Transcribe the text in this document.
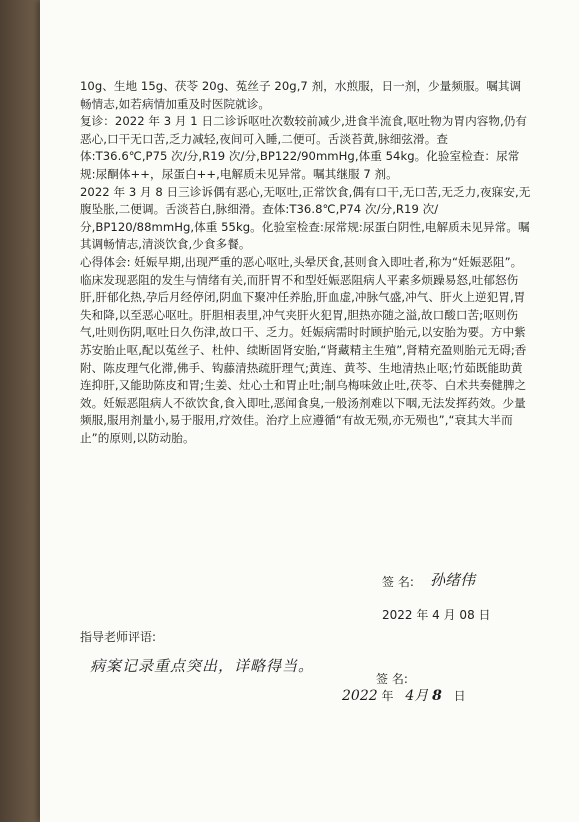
10g、生地 15g、茯苓 20g、菟丝子 20g,7 剂，水煎服，日一剂，少量频服。嘱其调畅情志,如若病情加重及时医院就诊。

复诊：2022 年 3 月 1 日二诊诉呕吐次数较前减少,进食半流食,呕吐物为胃内容物,仍有恶心,口干无口苦,乏力减轻,夜间可入睡,二便可。舌淡苔黄,脉细弦滑。查体:T36.6℃,P75 次/分,R19 次/分,BP122/90mmHg,体重 54kg。化验室检查：尿常规:尿酮体++，尿蛋白++,电解质未见异常。嘱其继服 7 剂。

2022 年 3 月 8 日三诊诉偶有恶心,无呕吐,正常饮食,偶有口干,无口苦,无乏力,夜寐安,无腹坠胀,二便调。舌淡苔白,脉细滑。查体:T36.8℃,P74 次/分,R19 次/分,BP120/88mmHg,体重 55kg。化验室检查:尿常规:尿蛋白阴性,电解质未见异常。嘱其调畅情志,清淡饮食,少食多餐。

心得体会: 妊娠早期,出现严重的恶心呕吐,头晕厌食,甚则食入即吐者,称为“妊娠恶阻”。临床发现恶阻的发生与情绪有关,而肝胃不和型妊娠恶阻病人平素多烦躁易怒,吐郁怒伤肝,肝郁化热,孕后月经停闭,阴血下聚冲任养胎,肝血虚,冲脉气盛,冲气、肝火上逆犯胃,胃失和降,以至恶心呕吐。肝胆相表里,冲气夹肝火犯胃,胆热亦随之溢,故口酸口苦;呕则伤气,吐则伤阴,呕吐日久伤津,故口干、乏力。妊娠病需时时顾护胎元,以安胎为要。方中紫苏安胎止呕,配以菟丝子、杜仲、续断固肾安胎,“肾藏精主生殖”,肾精充盈则胎元无碍;香附、陈皮理气化滞,佛手、钩藤清热疏肝理气;黄连、黄芩、生地清热止呕;竹茹既能助黄连抑肝,又能助陈皮和胃;生姜、灶心土和胃止吐;制乌梅味敛止吐,茯苓、白术共奏健脾之效。妊娠恶阻病人不欲饮食,食入即吐,恶闻食臭,一般汤剂难以下咽,无法发挥药效。少量频服,服用剂量小,易于服用,疗效佳。治疗上应遵循“有故无殒,亦无殒也”,“衰其大半而止”的原则,以防动胎。

签 名: 孙绪伟
2022 年 4 月 08 日
指导老师评语:
病案记录重点突出，详略得当。
签 名:
2022 年 4月 8 日
